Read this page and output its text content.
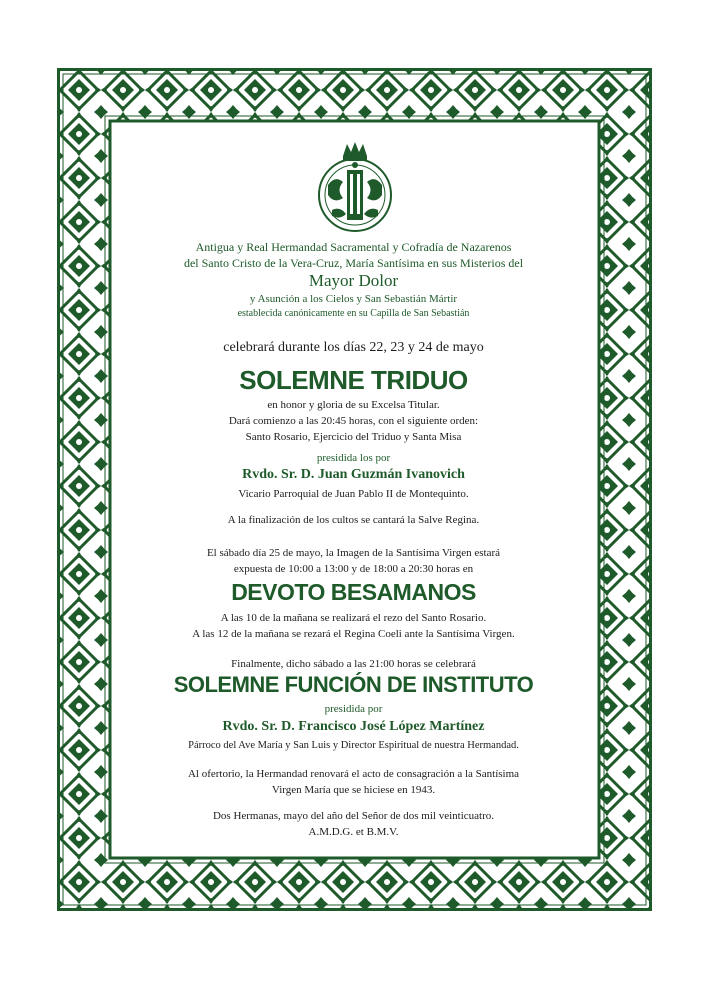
Antigua y Real Hermandad Sacramental y Cofradía de Nazarenos
del Santo Cristo de la Vera-Cruz, María Santísima en sus Misterios del
Mayor Dolor
y Asunción a los Cielos y San Sebastián Mártir
establecida canónicamente en su Capilla de San Sebastián
celebrará durante los días 22, 23 y 24 de mayo
SOLEMNE TRIDUO
en honor y gloria de su Excelsa Titular.
Dará comienzo a las 20:45 horas, con el siguiente orden:
Santo Rosario, Ejercicio del Triduo y Santa Misa
presidida los por
Rvdo. Sr. D. Juan Guzmán Ivanovich
Vicario Parroquial de Juan Pablo II de Montequinto.
A la finalización de los cultos se cantará la Salve Regina.
El sábado día 25 de mayo, la Imagen de la Santísima Virgen estará
expuesta de 10:00 a 13:00 y de 18:00 a 20:30 horas en
DEVOTO BESAMANOS
A las 10 de la mañana se realizará el rezo del Santo Rosario.
A las 12 de la mañana se rezará el Regina Coeli ante la Santísima Virgen.
Finalmente, dicho sábado a las 21:00 horas se celebrará
SOLEMNE FUNCIÓN DE INSTITUTO
presidida por
Rvdo. Sr. D. Francisco José López Martínez
Párroco del Ave María y San Luis y Director Espiritual de nuestra Hermandad.
Al ofertorio, la Hermandad renovará el acto de consagración a la Santísima
Virgen María que se hiciese en 1943.
Dos Hermanas, mayo del año del Señor de dos mil veinticuatro.
A.M.D.G. et B.M.V.
